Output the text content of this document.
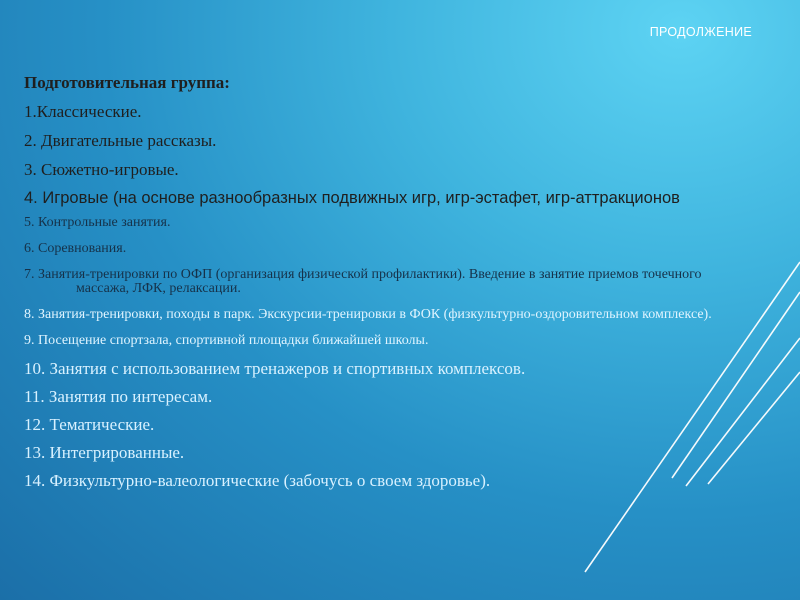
ПРОДОЛЖЕНИЕ

Подготовительная группа:

1.Классические.

2. Двигательные рассказы.

3. Сюжетно-игровые.

4. Игровые (на основе разнообразных подвижных игр, игр-эстафет, игр-аттракционов

5. Контрольные занятия.

6. Соревнования.

7. Занятия-тренировки по ОФП (организация физической профилактики). Введение в занятие приемов точечного массажа, ЛФК, релаксации.

8. Занятия-тренировки, походы в парк. Экскурсии-тренировки в ФОК (физкультурно-оздоровительном комплексе).

9. Посещение спортзала, спортивной площадки ближайшей школы.

10. Занятия с использованием тренажеров и спортивных комплексов.

11. Занятия по интересам.

12. Тематические.

13. Интегрированные.

14. Физкультурно-валеологические (забочусь о своем здоровье).
